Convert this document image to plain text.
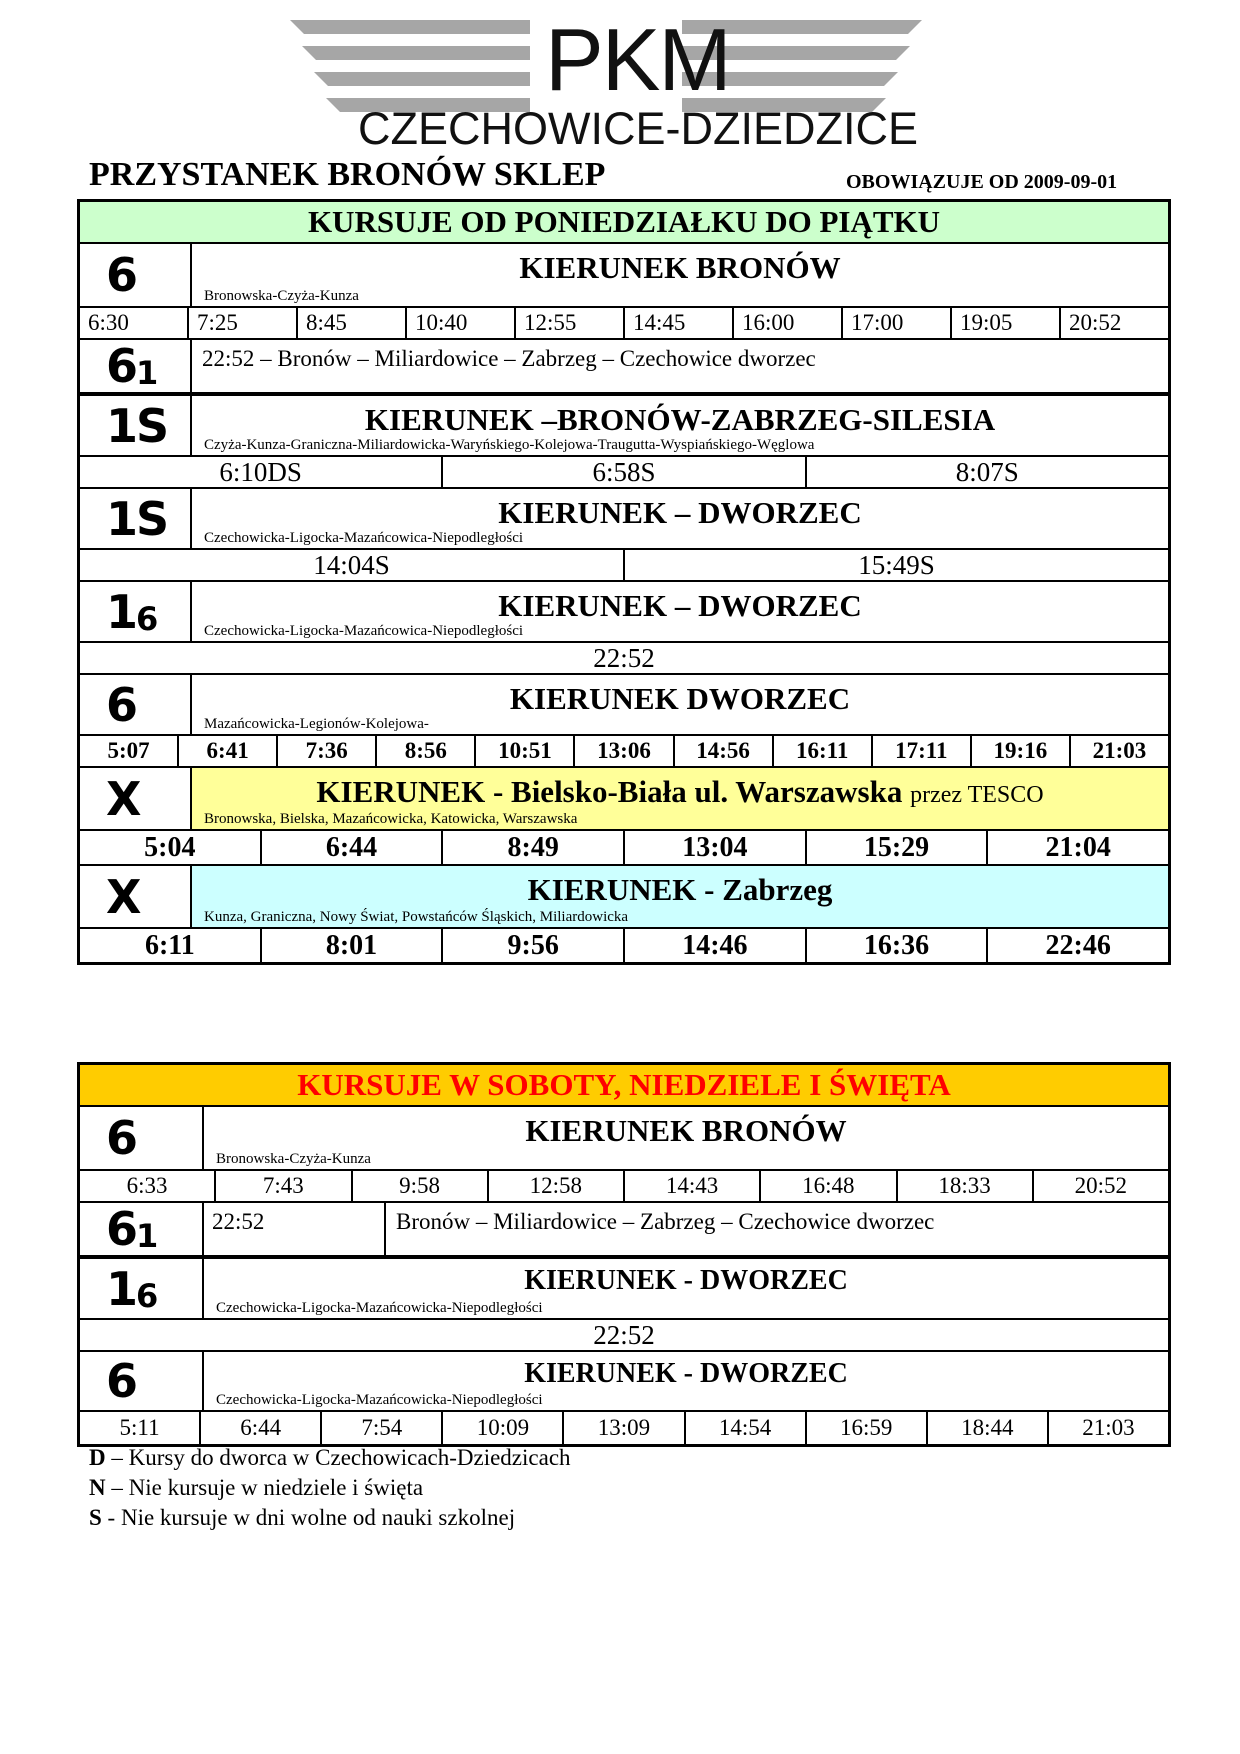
PKM
CZECHOWICE-DZIEDZICE
PRZYSTANEK BRONÓW SKLEP	OBOWIĄZUJE OD 2009-09-01
KURSUJE OD PONIEDZIAŁKU DO PIĄTKU
6	KIERUNEK BRONÓW
Bronowska-Czyża-Kunza
6:30	7:25	8:45	10:40	12:55	14:45	16:00	17:00	19:05	20:52
6 1	22:52 – Bronów – Miliardowice – Zabrzeg – Czechowice dworzec
1S	KIERUNEK –BRONÓW-ZABRZEG-SILESIA
Czyża-Kunza-Graniczna-Miliardowicka-Waryńskiego-Kolejowa-Traugutta-Wyspiańskiego-Węglowa
6:10DS	6:58S	8:07S
1S	KIERUNEK – DWORZEC
Czechowicka-Ligocka-Mazańcowica-Niepodległości
14:04S	15:49S
1 6	KIERUNEK – DWORZEC
Czechowicka-Ligocka-Mazańcowica-Niepodległości
22:52
6	KIERUNEK DWORZEC
Mazańcowicka-Legionów-Kolejowa-
5:07	6:41	7:36	8:56	10:51	13:06	14:56	16:11	17:11	19:16	21:03
X	KIERUNEK - Bielsko-Biała ul. Warszawska przez TESCO
Bronowska, Bielska, Mazańcowicka, Katowicka, Warszawska
5:04	6:44	8:49	13:04	15:29	21:04
X	KIERUNEK - Zabrzeg
Kunza, Graniczna, Nowy Świat, Powstańców Śląskich, Miliardowicka
6:11	8:01	9:56	14:46	16:36	22:46
KURSUJE W SOBOTY, NIEDZIELE I ŚWIĘTA
6	KIERUNEK BRONÓW
Bronowska-Czyża-Kunza
6:33	7:43	9:58	12:58	14:43	16:48	18:33	20:52
6 1	22:52	Bronów – Miliardowice – Zabrzeg – Czechowice dworzec
1 6	KIERUNEK - DWORZEC
Czechowicka-Ligocka-Mazańcowicka-Niepodległości
22:52
6	KIERUNEK - DWORZEC
Czechowicka-Ligocka-Mazańcowicka-Niepodległości
5:11	6:44	7:54	10:09	13:09	14:54	16:59	18:44	21:03
D – Kursy do dworca w Czechowicach-Dziedzicach
N – Nie kursuje w niedziele i święta
S - Nie kursuje w dni wolne od nauki szkolnej
